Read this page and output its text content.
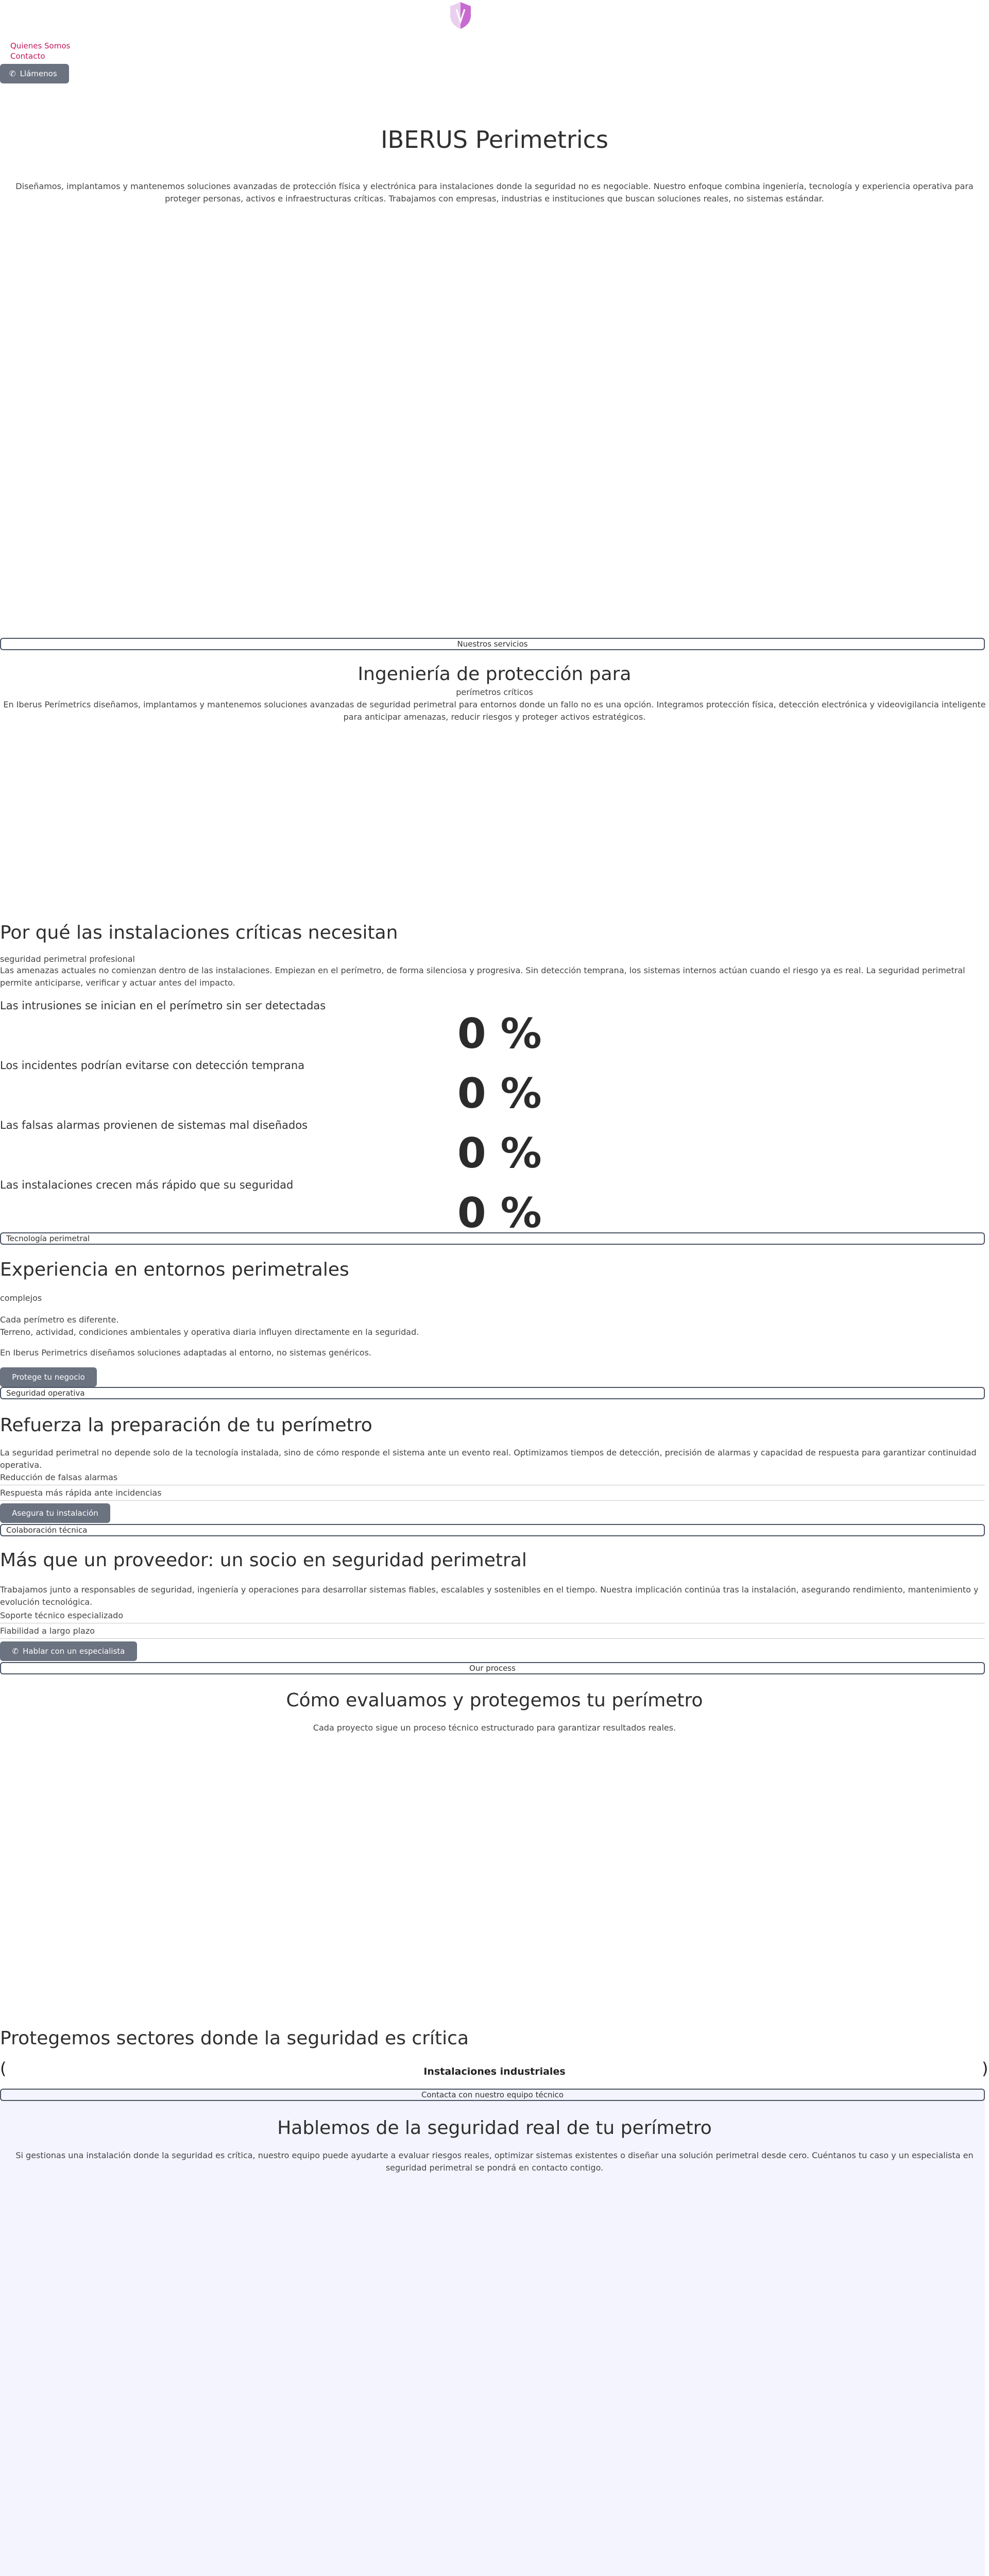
Quienes Somos
Contacto
✆ Llámenos
IBERUS Perimetrics
Diseñamos, implantamos y mantenemos soluciones avanzadas de protección física y electrónica para instalaciones donde la seguridad no es negociable. Nuestro enfoque combina ingeniería, tecnología y experiencia operativa para proteger personas, activos e infraestructuras críticas. Trabajamos con empresas, industrias e instituciones que buscan soluciones reales, no sistemas estándar.
Nuestros servicios
Ingeniería de protección para
perímetros críticos
En Iberus Perímetrics diseñamos, implantamos y mantenemos soluciones avanzadas de seguridad perimetral para entornos donde un fallo no es una opción. Integramos protección física, detección electrónica y videovigilancia inteligente para anticipar amenazas, reducir riesgos y proteger activos estratégicos.
Por qué las instalaciones críticas necesitan
seguridad perimetral profesional
Las amenazas actuales no comienzan dentro de las instalaciones. Empiezan en el perímetro, de forma silenciosa y progresiva. Sin detección temprana, los sistemas internos actúan cuando el riesgo ya es real. La seguridad perimetral permite anticiparse, verificar y actuar antes del impacto.
Las intrusiones se inician en el perímetro sin ser detectadas
0 %
Los incidentes podrían evitarse con detección temprana
0 %
Las falsas alarmas provienen de sistemas mal diseñados
0 %
Las instalaciones crecen más rápido que su seguridad
0 %
Tecnología perimetral
Experiencia en entornos perimetrales
complejos
Cada perímetro es diferente.
Terreno, actividad, condiciones ambientales y operativa diaria influyen directamente en la seguridad.
En Iberus Perimetrics diseñamos soluciones adaptadas al entorno, no sistemas genéricos.
Protege tu negocio
Seguridad operativa
Refuerza la preparación de tu perímetro
La seguridad perimetral no depende solo de la tecnología instalada, sino de cómo responde el sistema ante un evento real. Optimizamos tiempos de detección, precisión de alarmas y capacidad de respuesta para garantizar continuidad operativa.
Reducción de falsas alarmas
Respuesta más rápida ante incidencias
Asegura tu instalación
Colaboración técnica
Más que un proveedor: un socio en seguridad perimetral
Trabajamos junto a responsables de seguridad, ingeniería y operaciones para desarrollar sistemas fiables, escalables y sostenibles en el tiempo. Nuestra implicación continúa tras la instalación, asegurando rendimiento, mantenimiento y evolución tecnológica.
Soporte técnico especializado
Fiabilidad a largo plazo
✆ Hablar con un especialista
Our process
Cómo evaluamos y protegemos tu perímetro
Cada proyecto sigue un proceso técnico estructurado para garantizar resultados reales.
Protegemos sectores donde la seguridad es crítica
(	Instalaciones industriales	)
Contacta con nuestro equipo técnico
Hablemos de la seguridad real de tu perímetro
Si gestionas una instalación donde la seguridad es crítica, nuestro equipo puede ayudarte a evaluar riesgos reales, optimizar sistemas existentes o diseñar una solución perimetral desde cero. Cuéntanos tu caso y un especialista en seguridad perimetral se pondrá en contacto contigo.
